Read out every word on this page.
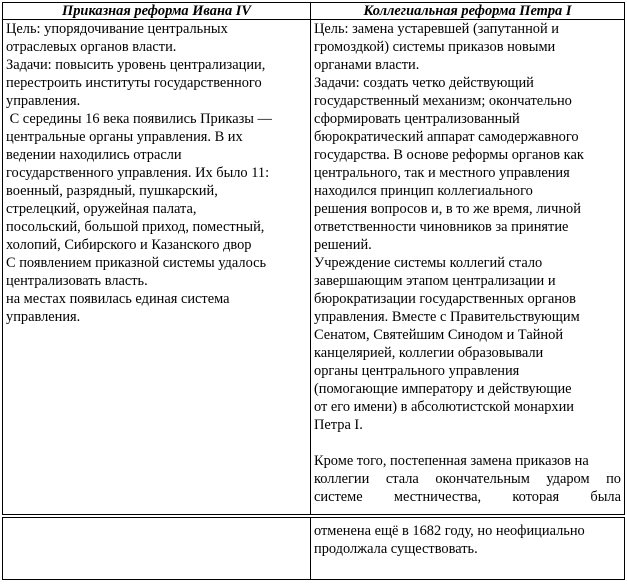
Приказная реформа Ивана IV	Коллегиальная реформа Петра I

Цель: упорядочивание центральных

отраслевых органов власти.

Задачи: повысить уровень централизации,

перестроить институты государственного

управления.

С середины 16 века появились Приказы —

центральные органы управления. В их

ведении находились отрасли

государственного управления. Их было 11:

военный, разрядный, пушкарский,

стрелецкий, оружейная палата,

посольский, большой приход, поместный,

холопий, Сибирского и Казанского двор

С появлением приказной системы удалось

централизовать власть.

на местах появилась единая система

управления.

Цель: замена устаревшей (запутанной и

громоздкой) системы приказов новыми

органами власти.

Задачи: создать четко действующий

государственный механизм; окончательно

сформировать централизованный

бюрократический аппарат самодержавного

государства. В основе реформы органов как

центрального, так и местного управления

находился принцип коллегиального

решения вопросов и, в то же время, личной

ответственности чиновников за принятие

решений.

Учреждение системы коллегий стало

завершающим этапом централизации и

бюрократизации государственных органов

управления. Вместе с Правительствующим

Сенатом, Святейшим Синодом и Тайной

канцелярией, коллегии образовывали

органы центрального управления

(помогающие императору и действующие

от его имени) в абсолютистской монархии

Петра I.

Кроме того, постепенная замена приказов на

коллегии стала окончательным ударом по

системе местничества, которая была

отменена ещё в 1682 году, но неофициально

продолжала существовать.
